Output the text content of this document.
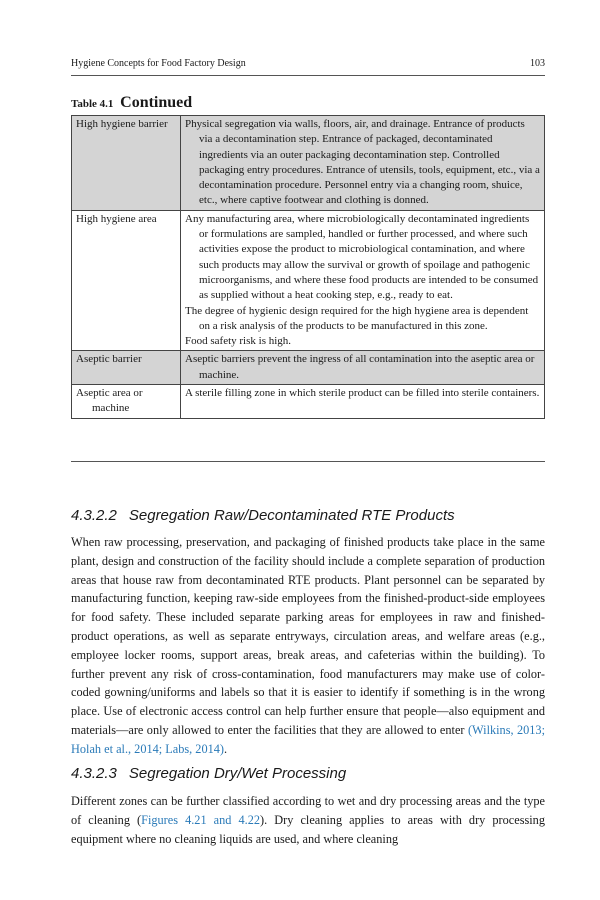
Hygiene Concepts for Food Factory Design	103
Table 4.1 Continued
High hygiene barrier	Physical segregation via walls, floors, air, and drainage. Entrance of products via a decontamination step. Entrance of packaged, decontaminated ingredients via an outer packaging decontamination step. Controlled packaging entry procedures. Entrance of utensils, tools, equipment, etc., via a decontamination procedure. Personnel entry via a changing room, shuice, etc., where captive footwear and clothing is donned.

High hygiene area	Any manufacturing area, where microbiologically decontaminated ingredients or formulations are sampled, handled or further processed, and where such activities expose the product to microbiological contamination, and where such products may allow the survival or growth of spoilage and pathogenic microorganisms, and where these food products are intended to be consumed as supplied without a heat cooking step, e.g., ready to eat.
The degree of hygienic design required for the high hygiene area is dependent on a risk analysis of the products to be manufactured in this zone.
Food safety risk is high.

Aseptic barrier	Aseptic barriers prevent the ingress of all contamination into the aseptic area or machine.

Aseptic area or machine	A sterile filling zone in which sterile product can be filled into sterile containers.
4.3.2.2 Segregation Raw/Decontaminated RTE Products

When raw processing, preservation, and packaging of finished products take place in the same plant, design and construction of the facility should include a complete separation of production areas that house raw from decontaminated RTE products. Plant personnel can be separated by manufacturing function, keeping raw-side employees from the finished-product-side employees for food safety. These included separate parking areas for employees in raw and finished-product operations, as well as separate entryways, circulation areas, and welfare areas (e.g., employee locker rooms, support areas, break areas, and cafeterias within the building). To further prevent any risk of cross-contamination, food manufacturers may make use of color-coded gowning/uniforms and labels so that it is easier to identify if something is in the wrong place. Use of electronic access control can help further ensure that people—also equipment and materials—are only allowed to enter the facilities that they are allowed to enter (Wilkins, 2013; Holah et al., 2014; Labs, 2014).

4.3.2.3 Segregation Dry/Wet Processing

Different zones can be further classified according to wet and dry processing areas and the type of cleaning (Figures 4.21 and 4.22). Dry cleaning applies to areas with dry processing equipment where no cleaning liquids are used, and where cleaning
